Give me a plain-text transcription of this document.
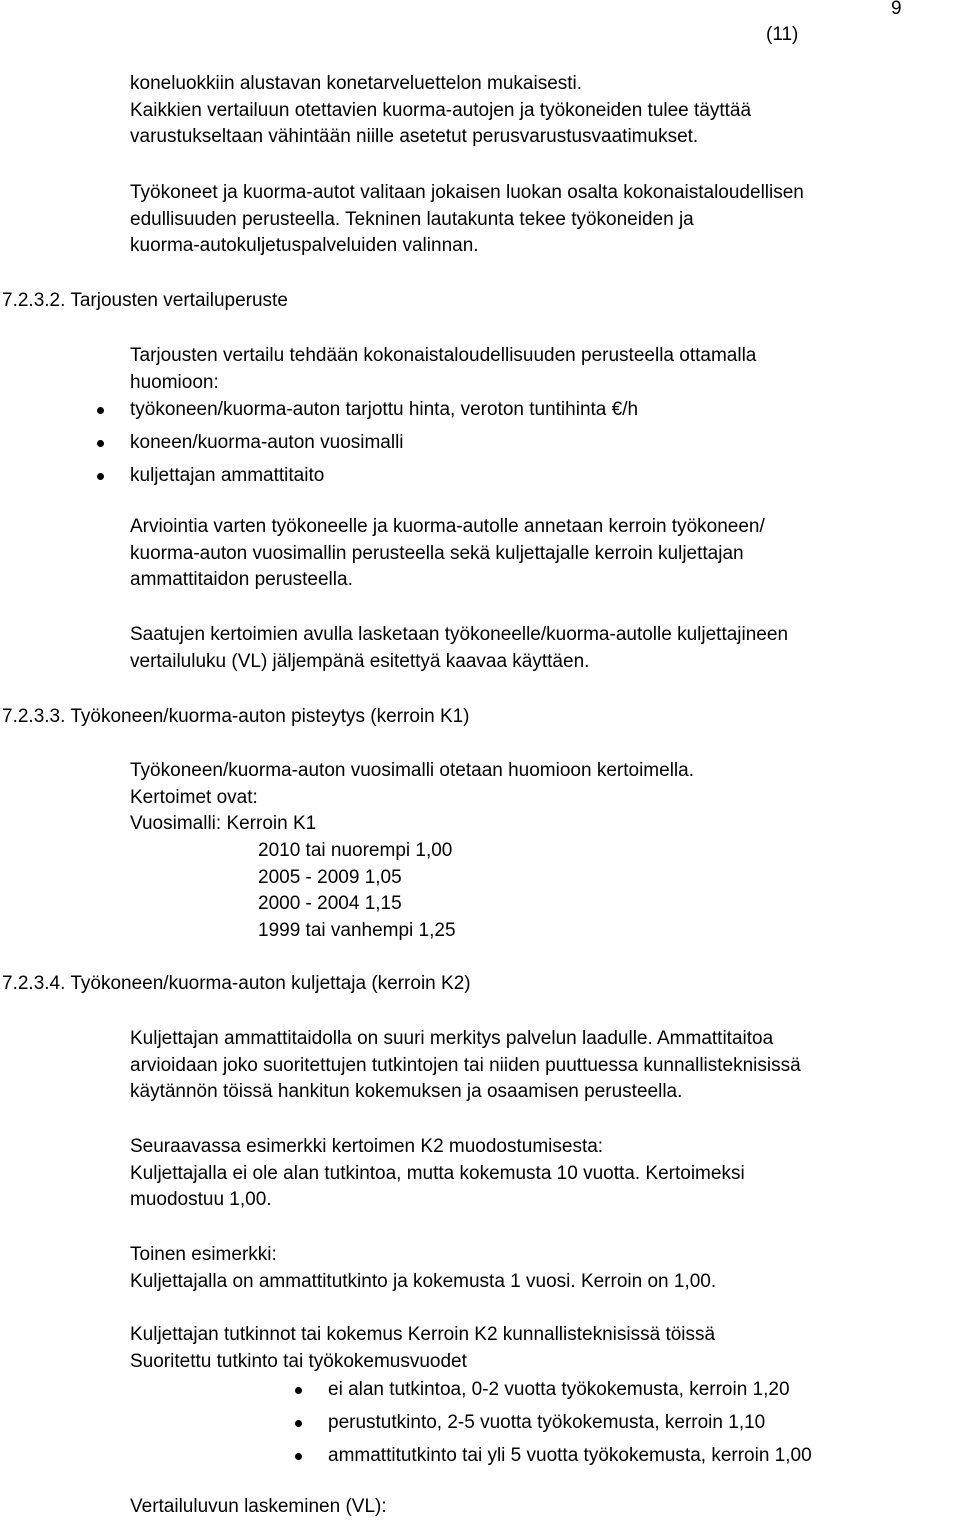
9
(11)
koneluokkiin alustavan konetarveluettelon mukaisesti.
Kaikkien vertailuun otettavien kuorma-autojen ja työkoneiden tulee täyttää
varustukseltaan vähintään niille asetetut perusvarustusvaatimukset.
Työkoneet ja kuorma-autot valitaan jokaisen luokan osalta kokonaistaloudellisen
edullisuuden perusteella. Tekninen lautakunta tekee työkoneiden ja
kuorma-autokuljetuspalveluiden valinnan.
7.2.3.2. Tarjousten vertailuperuste
Tarjousten vertailu tehdään kokonaistaloudellisuuden perusteella ottamalla
huomioon:
työkoneen/kuorma-auton tarjottu hinta, veroton tuntihinta €/h
koneen/kuorma-auton vuosimalli
kuljettajan ammattitaito
Arviointia varten työkoneelle ja kuorma-autolle annetaan kerroin työkoneen/
kuorma-auton vuosimallin perusteella sekä kuljettajalle kerroin kuljettajan
ammattitaidon perusteella.
Saatujen kertoimien avulla lasketaan työkoneelle/kuorma-autolle kuljettajineen
vertailuluku (VL) jäljempänä esitettyä kaavaa käyttäen.
7.2.3.3. Työkoneen/kuorma-auton pisteytys (kerroin K1)
Työkoneen/kuorma-auton vuosimalli otetaan huomioon kertoimella.
Kertoimet ovat:
Vuosimalli: Kerroin K1
2010 tai nuorempi 1,00
2005 - 2009 1,05
2000 - 2004 1,15
1999 tai vanhempi 1,25
7.2.3.4. Työkoneen/kuorma-auton kuljettaja (kerroin K2)
Kuljettajan ammattitaidolla on suuri merkitys palvelun laadulle. Ammattitaitoa
arvioidaan joko suoritettujen tutkintojen tai niiden puuttuessa kunnallisteknisissä
käytännön töissä hankitun kokemuksen ja osaamisen perusteella.
Seuraavassa esimerkki kertoimen K2 muodostumisesta:
Kuljettajalla ei ole alan tutkintoa, mutta kokemusta 10 vuotta. Kertoimeksi
muodostuu 1,00.
Toinen esimerkki:
Kuljettajalla on ammattitutkinto ja kokemusta 1 vuosi. Kerroin on 1,00.
Kuljettajan tutkinnot tai kokemus Kerroin K2 kunnallisteknisissä töissä
Suoritettu tutkinto tai työkokemusvuodet
ei alan tutkintoa, 0-2 vuotta työkokemusta, kerroin 1,20
perustutkinto, 2-5 vuotta työkokemusta, kerroin 1,10
ammattitutkinto tai yli 5 vuotta työkokemusta, kerroin 1,00
Vertailuluvun laskeminen (VL):
